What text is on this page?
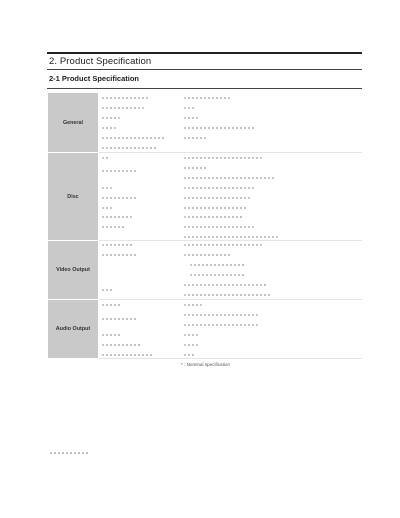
2. Product Specification
2-1 Product Specification
General
Disc
Video Output
Audio Output
* : Nominal specification
